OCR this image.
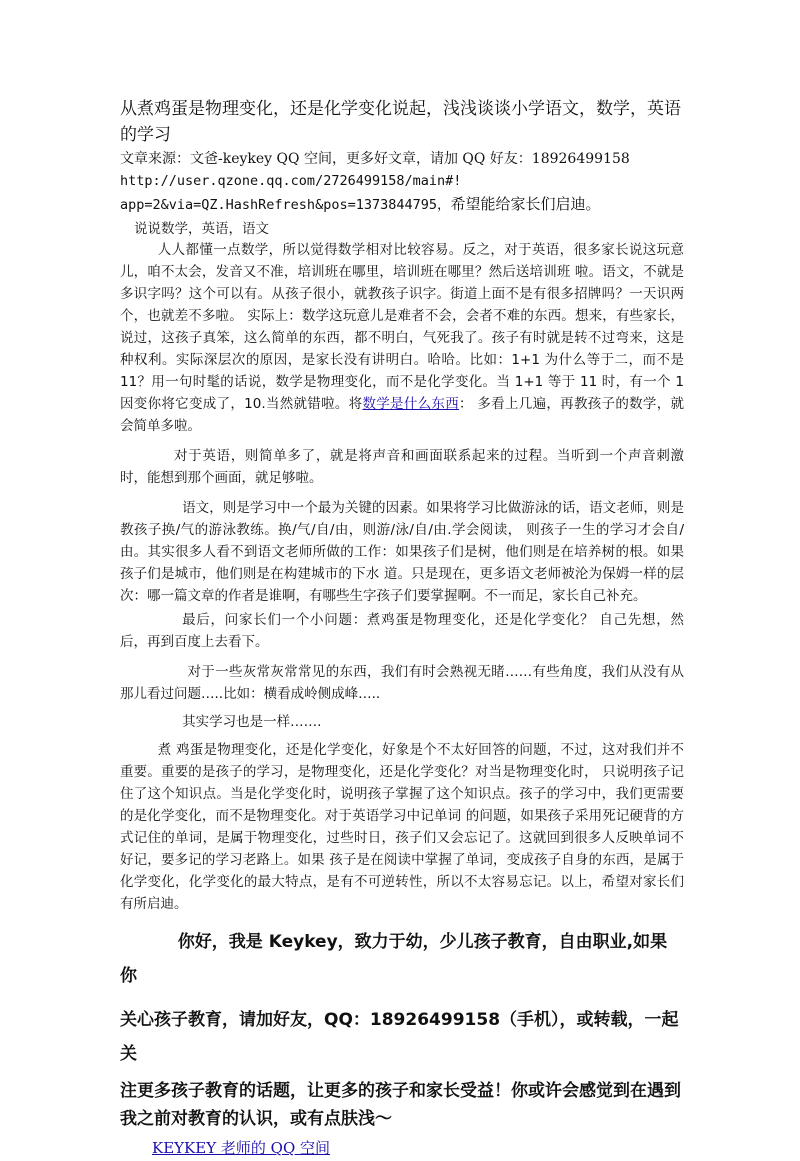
从煮鸡蛋是物理变化，还是化学变化说起，浅浅谈谈小学语文，数学，英语的学习

文章来源：文爸-keykey QQ 空间，更多好文章，请加 QQ 好友：18926499158

http://user.qzone.qq.com/2726499158/main#!

app=2&via=QZ.HashRefresh&pos=1373844795，希望能给家长们启迪。

说说数学，英语，语文

人人都懂一点数学，所以觉得数学相对比较容易。反之，对于英语，很多家长说这玩意儿，咱不太会，发音又不准，培训班在哪里，培训班在哪里？然后送培训班 啦。语文，不就是多识字吗？这个可以有。从孩子很小，就教孩子识字。街道上面不是有很多招牌吗？一天识两个，也就差不多啦。 实际上：数学这玩意儿是难者不会，会者不难的东西。想来，有些家长，说过，这孩子真笨，这么简单的东西，都不明白，气死我了。孩子有时就是转不过弯来，这是种权利。实际深层次的原因，是家长没有讲明白。哈哈。比如：1+1 为什么等于二，而不是 11？用一句时髦的话说，数学是物理变化，而不是化学变化。当 1+1 等于 11 时，有一个 1 因变你将它变成了，10.当然就错啦。将数学是什么东西： 多看上几遍，再教孩子的数学，就会简单多啦。

对于英语，则简单多了，就是将声音和画面联系起来的过程。当听到一个声音刺激时，能想到那个画面，就足够啦。

语文，则是学习中一个最为关键的因素。如果将学习比做游泳的话，语文老师，则是教孩子换/气的游泳教练。换/气/自/由，则游/泳/自/由.学会阅读， 则孩子一生的学习才会自/由。其实很多人看不到语文老师所做的工作：如果孩子们是树，他们则是在培养树的根。如果孩子们是城市，他们则是在构建城市的下水 道。只是现在，更多语文老师被沦为保姆一样的层次：哪一篇文章的作者是谁啊，有哪些生字孩子们要掌握啊。不一而足，家长自己补充。

最后，问家长们一个小问题：煮鸡蛋是物理变化，还是化学变化？ 自己先想，然后，再到百度上去看下。

对于一些灰常灰常常见的东西，我们有时会熟视无睹……有些角度，我们从没有从那儿看过问题…..比如：横看成岭侧成峰…..

其实学习也是一样…….

煮 鸡蛋是物理变化，还是化学变化，好象是个不太好回答的问题，不过，这对我们并不重要。重要的是孩子的学习，是物理变化，还是化学变化？对当是物理变化时， 只说明孩子记住了这个知识点。当是化学变化时，说明孩子掌握了这个知识点。孩子的学习中，我们更需要的是化学变化，而不是物理变化。对于英语学习中记单词 的问题，如果孩子采用死记硬背的方式记住的单词，是属于物理变化，过些时日，孩子们又会忘记了。这就回到很多人反映单词不好记，要多记的学习老路上。如果 孩子是在阅读中掌握了单词，变成孩子自身的东西，是属于化学变化，化学变化的最大特点，是有不可逆转性，所以不太容易忘记。以上，希望对家长们有所启迪。

你好，我是 Keykey，致力于幼，少儿孩子教育，自由职业,如果你

关心孩子教育，请加好友，QQ：18926499158（手机），或转载，一起关

注更多孩子教育的话题，让更多的孩子和家长受益！你或许会感觉到在遇到我之前对教育的认识，或有点肤浅～

KEYKEY 老师的 QQ 空间
